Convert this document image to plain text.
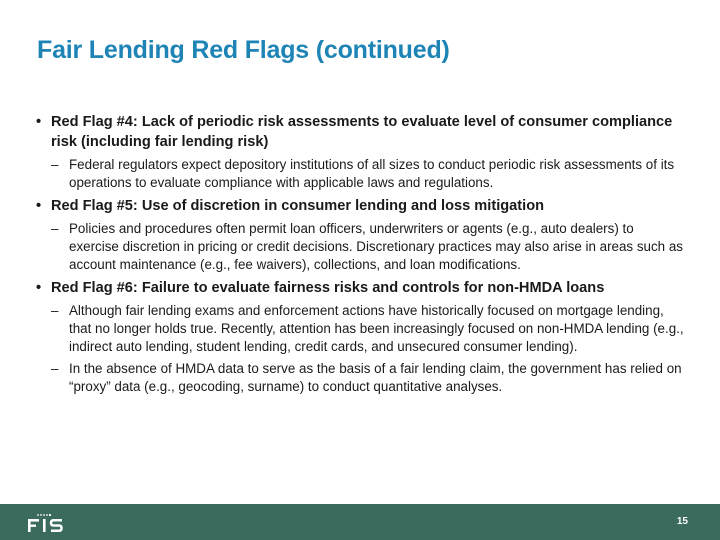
Fair Lending Red Flags (continued)
• Red Flag #4: Lack of periodic risk assessments to evaluate level of consumer compliance risk (including fair lending risk)
– Federal regulators expect depository institutions of all sizes to conduct periodic risk assessments of its operations to evaluate compliance with applicable laws and regulations.
• Red Flag #5: Use of discretion in consumer lending and loss mitigation
– Policies and procedures often permit loan officers, underwriters or agents (e.g., auto dealers) to exercise discretion in pricing or credit decisions. Discretionary practices may also arise in areas such as account maintenance (e.g., fee waivers), collections, and loan modifications.
• Red Flag #6: Failure to evaluate fairness risks and controls for non-HMDA loans
– Although fair lending exams and enforcement actions have historically focused on mortgage lending, that no longer holds true. Recently, attention has been increasingly focused on non-HMDA lending (e.g., indirect auto lending, student lending, credit cards, and unsecured consumer lending).
– In the absence of HMDA data to serve as the basis of a fair lending claim, the government has relied on “proxy” data (e.g., geocoding, surname) to conduct quantitative analyses.
15
